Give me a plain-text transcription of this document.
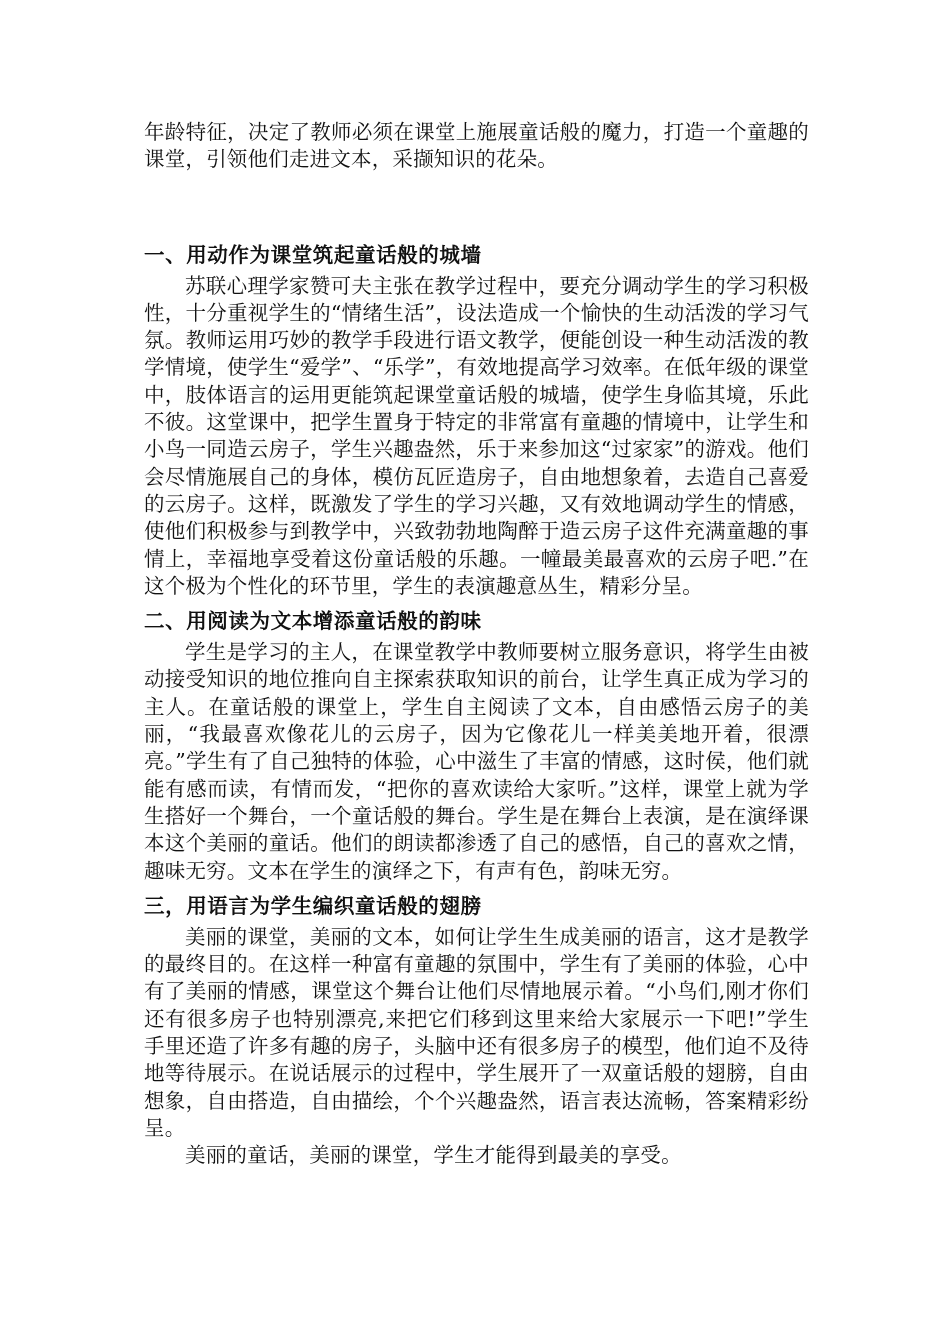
年龄特征，决定了教师必须在课堂上施展童话般的魔力，打造一个童趣的课堂，引领他们走进文本，采撷知识的花朵。

一、用动作为课堂筑起童话般的城墙

苏联心理学家赞可夫主张在教学过程中，要充分调动学生的学习积极性，十分重视学生的“情绪生活”，设法造成一个愉快的生动活泼的学习气氛。教师运用巧妙的教学手段进行语文教学，便能创设一种生动活泼的教学情境，使学生“爱学”、“乐学”，有效地提高学习效率。在低年级的课堂中，肢体语言的运用更能筑起课堂童话般的城墙，使学生身临其境，乐此不彼。这堂课中，把学生置身于特定的非常富有童趣的情境中，让学生和小鸟一同造云房子，学生兴趣盎然，乐于来参加这“过家家”的游戏。他们会尽情施展自己的身体，模仿瓦匠造房子，自由地想象着，去造自己喜爱的云房子。这样，既激发了学生的学习兴趣，又有效地调动学生的情感，使他们积极参与到教学中，兴致勃勃地陶醉于造云房子这件充满童趣的事情上，幸福地享受着这份童话般的乐趣。一幢最美最喜欢的云房子吧.”在这个极为个性化的环节里，学生的表演趣意丛生，精彩分呈。

二、用阅读为文本增添童话般的韵味

学生是学习的主人，在课堂教学中教师要树立服务意识，将学生由被动接受知识的地位推向自主探索获取知识的前台，让学生真正成为学习的主人。在童话般的课堂上，学生自主阅读了文本，自由感悟云房子的美丽，“我最喜欢像花儿的云房子，因为它像花儿一样美美地开着，很漂亮。”学生有了自己独特的体验，心中滋生了丰富的情感，这时侯，他们就能有感而读，有情而发，“把你的喜欢读给大家听。”这样，课堂上就为学生搭好一个舞台，一个童话般的舞台。学生是在舞台上表演，是在演绎课本这个美丽的童话。他们的朗读都渗透了自己的感悟，自己的喜欢之情，趣味无穷。文本在学生的演绎之下，有声有色，韵味无穷。

三，用语言为学生编织童话般的翅膀

美丽的课堂，美丽的文本，如何让学生生成美丽的语言，这才是教学的最终目的。在这样一种富有童趣的氛围中，学生有了美丽的体验，心中有了美丽的情感，课堂这个舞台让他们尽情地展示着。“小鸟们,刚才你们还有很多房子也特别漂亮,来把它们移到这里来给大家展示一下吧!”学生手里还造了许多有趣的房子，头脑中还有很多房子的模型，他们迫不及待地等待展示。在说话展示的过程中，学生展开了一双童话般的翅膀，自由想象，自由搭造，自由描绘，个个兴趣盎然，语言表达流畅，答案精彩纷呈。

美丽的童话，美丽的课堂，学生才能得到最美的享受。
